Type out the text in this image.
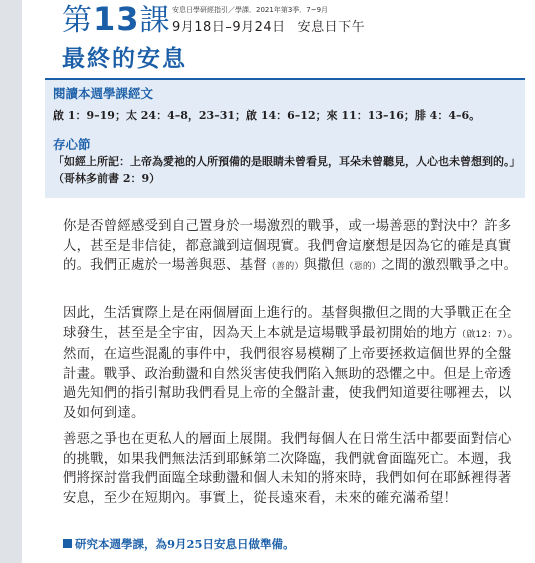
第13課 安息日學研經指引／學課．2021年第3季．7~9月
9月18日–9月24日 安息日下午
最終的安息
閱讀本週學課經文
啟 1：9–19；太 24：4–8，23–31；啟 14：6–12；來 11：13–16；腓 4：4–6。
存心節
「如經上所記：上帝為愛祂的人所預備的是眼睛未曾看見，耳朵未曾聽見，人心也未曾想到的。」（哥林多前書 2：9）
你是否曾經感受到自己置身於一場激烈的戰爭，或一場善惡的對決中？許多人，甚至是非信徒，都意識到這個現實。我們會這麼想是因為它的確是真實的。我們正處於一場善與惡、基督（善的）與撒但（惡的）之間的激烈戰爭之中。
因此，生活實際上是在兩個層面上進行的。基督與撒但之間的大爭戰正在全球發生，甚至是全宇宙，因為天上本就是這場戰爭最初開始的地方（啟12：7）。然而，在這些混亂的事件中，我們很容易模糊了上帝要拯救這個世界的全盤計畫。戰爭、政治動盪和自然災害使我們陷入無助的恐懼之中。但是上帝透過先知們的指引幫助我們看見上帝的全盤計畫，使我們知道要往哪裡去，以及如何到達。
善惡之爭也在更私人的層面上展開。我們每個人在日常生活中都要面對信心的挑戰，如果我們無法活到耶穌第二次降臨，我們就會面臨死亡。本週，我們將探討當我們面臨全球動盪和個人未知的將來時，我們如何在耶穌裡得著安息，至少在短期內。事實上，從長遠來看，未來的確充滿希望！
研究本週學課，為9月25日安息日做準備。
